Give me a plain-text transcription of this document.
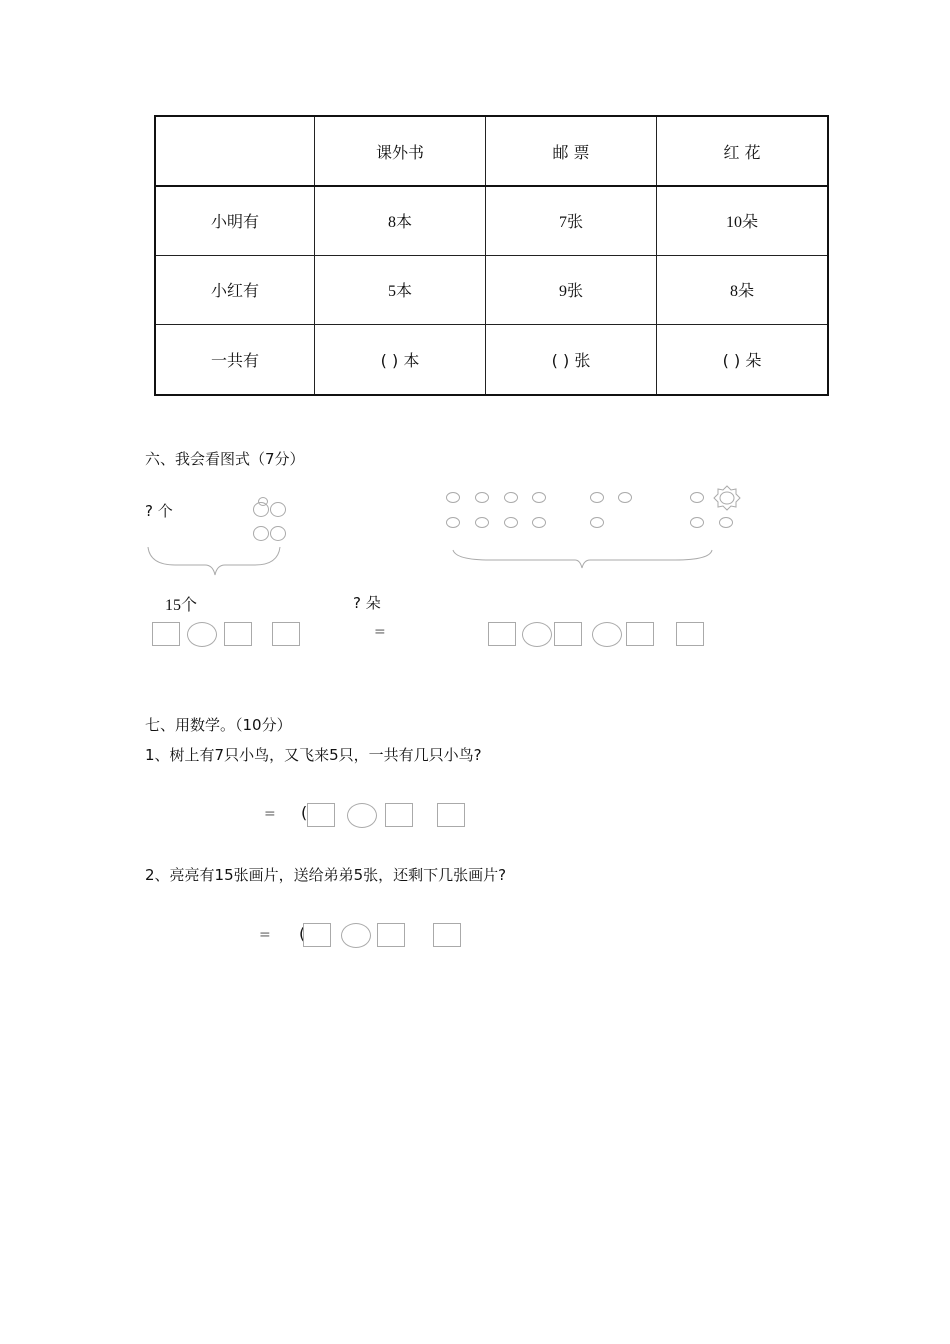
	课外书	邮 票	红 花
小明有	8本	7张	10朵
小红有	5本	9张	8朵
一共有	( ) 本	( ) 张	( ) 朵
六、我会看图式（7分）
? 个
15个	? 朵
=
七、用数学。（10分）
1、树上有7只小鸟，又飞来5只，一共有几只小鸟?
= (
2、亮亮有15张画片，送给弟弟5张，还剩下几张画片?
= (
